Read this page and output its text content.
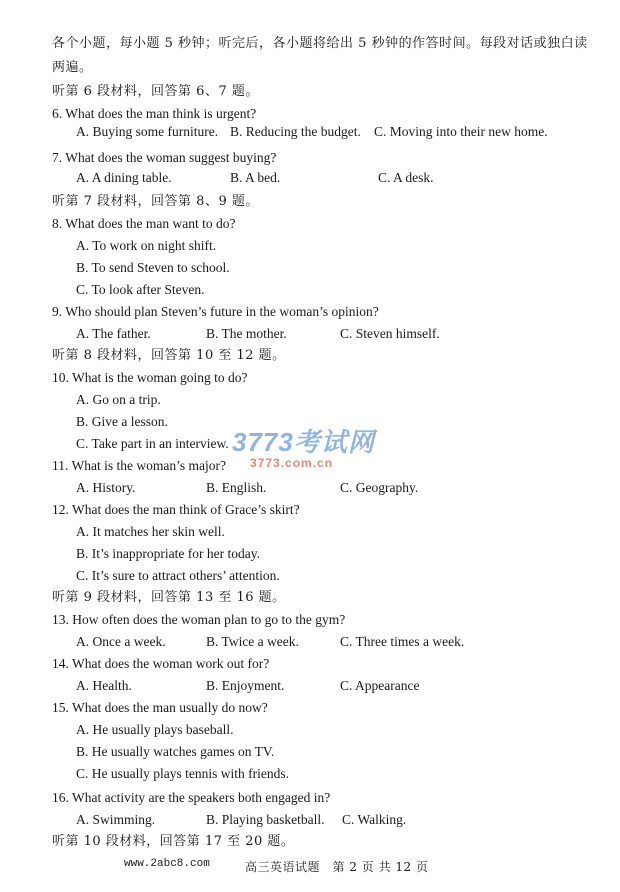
各个小题，每小题 5 秒钟；听完后，各小题将给出 5 秒钟的作答时间。每段对话或独白读
两遍。
听第 6 段材料，回答第 6、7 题。
6. What does the man think is urgent?
A. Buying some furniture. B. Reducing the budget. C. Moving into their new home.
7. What does the woman suggest buying?
A. A dining table.	B. A bed.	C. A desk.
听第 7 段材料，回答第 8、9 题。
8. What does the man want to do?
A. To work on night shift.
B. To send Steven to school.
C. To look after Steven.
9. Who should plan Steven’s future in the woman’s opinion?
A. The father.	B. The mother.	C. Steven himself.
听第 8 段材料，回答第 10 至 12 题。
10. What is the woman going to do?
A. Go on a trip.
B. Give a lesson.
C. Take part in an interview.
11. What is the woman’s major?
A. History.	B. English.	C. Geography.
12. What does the man think of Grace’s skirt?
A. It matches her skin well.
B. It’s inappropriate for her today.
C. It’s sure to attract others’ attention.
听第 9 段材料，回答第 13 至 16 题。
13. How often does the woman plan to go to the gym?
A. Once a week.	B. Twice a week.	C. Three times a week.
14. What does the woman work out for?
A. Health.	B. Enjoyment.	C. Appearance
15. What does the man usually do now?
A. He usually plays baseball.
B. He usually watches games on TV.
C. He usually plays tennis with friends.
16. What activity are the speakers both engaged in?
A. Swimming.	B. Playing basketball. C. Walking.
听第 10 段材料，回答第 17 至 20 题。
3773考试网
3773.com.cn
www.2abc8.com	高三英语试题　第 2 页 共 12 页
